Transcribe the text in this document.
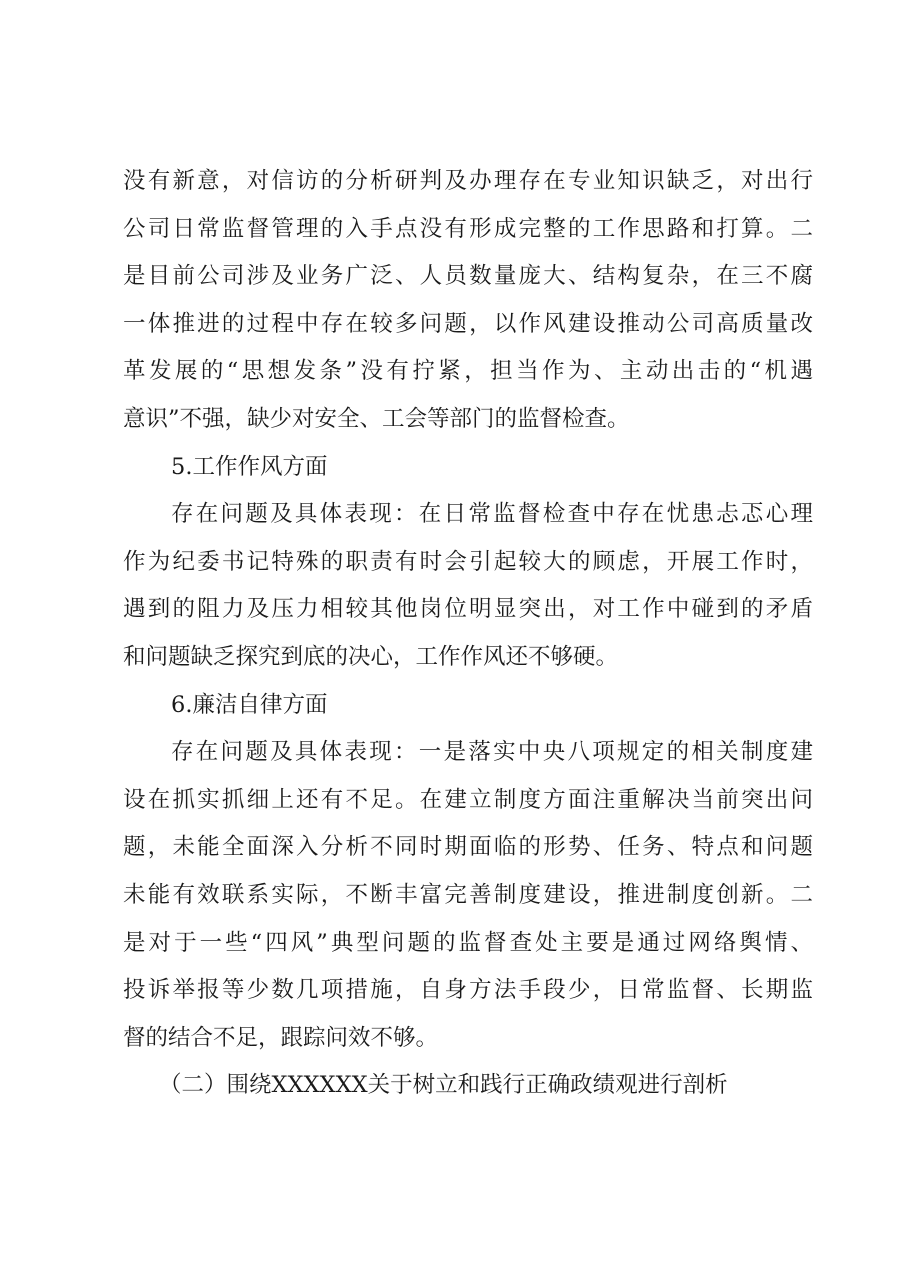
没有新意，对信访的分析研判及办理存在专业知识缺乏，对出行
公司日常监督管理的入手点没有形成完整的工作思路和打算。二
是目前公司涉及业务广泛、人员数量庞大、结构复杂，在三不腐
一体推进的过程中存在较多问题，以作风建设推动公司高质量改
革发展的“思想发条”没有拧紧，担当作为、主动出击的“机遇
意识”不强，缺少对安全、工会等部门的监督检查。
5.工作作风方面
存在问题及具体表现：在日常监督检查中存在忧患忐忑心理
作为纪委书记特殊的职责有时会引起较大的顾虑，开展工作时，
遇到的阻力及压力相较其他岗位明显突出，对工作中碰到的矛盾
和问题缺乏探究到底的决心，工作作风还不够硬。
6.廉洁自律方面
存在问题及具体表现：一是落实中央八项规定的相关制度建
设在抓实抓细上还有不足。在建立制度方面注重解决当前突出问
题，未能全面深入分析不同时期面临的形势、任务、特点和问题
未能有效联系实际，不断丰富完善制度建设，推进制度创新。二
是对于一些“四风”典型问题的监督查处主要是通过网络舆情、
投诉举报等少数几项措施，自身方法手段少，日常监督、长期监
督的结合不足，跟踪问效不够。
（二）围绕XXXXXX关于树立和践行正确政绩观进行剖析
